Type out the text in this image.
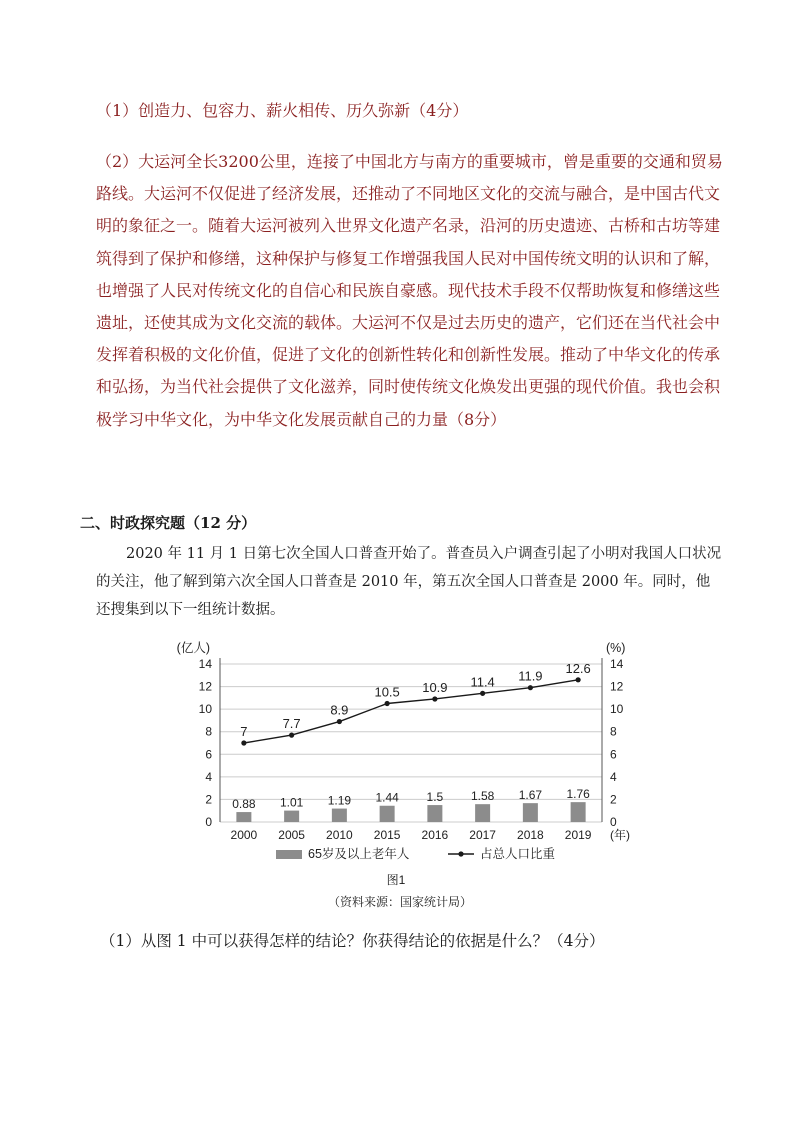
（1）创造力、包容力、薪火相传、历久弥新（4分）
（2）大运河全长3200公里，连接了中国北方与南方的重要城市，曾是重要的交通和贸易路线。大运河不仅促进了经济发展，还推动了不同地区文化的交流与融合，是中国古代文明的象征之一。随着大运河被列入世界文化遗产名录，沿河的历史遗迹、古桥和古坊等建筑得到了保护和修缮，这种保护与修复工作增强我国人民对中国传统文明的认识和了解，也增强了人民对传统文化的自信心和民族自豪感。现代技术手段不仅帮助恢复和修缮这些遗址，还使其成为文化交流的载体。大运河不仅是过去历史的遗产，它们还在当代社会中发挥着积极的文化价值，促进了文化的创新性转化和创新性发展。推动了中华文化的传承和弘扬，为当代社会提供了文化滋养，同时使传统文化焕发出更强的现代价值。我也会积极学习中华文化，为中华文化发展贡献自己的力量（8分）
二、时政探究题（12 分）
2020 年 11 月 1 日第七次全国人口普查开始了。普查员入户调查引起了小明对我国人口状况的关注，他了解到第六次全国人口普查是 2010 年，第五次全国人口普查是 2000 年。同时，他还搜集到以下一组统计数据。
0	0
2	2
4	4
6	6
8	8
10	10
12	12
14	14
(亿人)	(%)
0.88 1.01 1.19 1.44 1.5 1.58 1.67 1.76
7
7.7
8.9
10.5 10.9 11.4 11.9
12.6
2000 2005 2010 2015 2016 2017 2018 2019 (年)
65岁及以上老年人	占总人口比重
图1
（资料来源：国家统计局）
（1）从图 1 中可以获得怎样的结论？你获得结论的依据是什么？（4分）
